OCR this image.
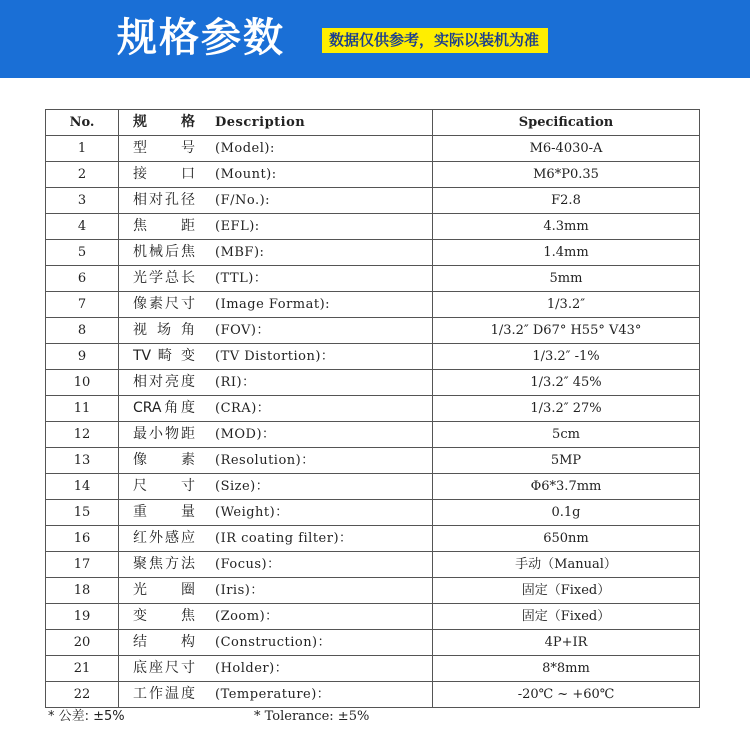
规格参数	数据仅供参考，实际以装机为准
No.	规 格 Description	Specification
1	型 号 (Model):	M6-4030-A
2	接 口 (Mount):	M6*P0.35
3	相对孔径 (F/No.):	F2.8
4	焦 距 (EFL):	4.3mm
5	机械后焦 (MBF):	1.4mm
6	光学总长 (TTL)：	5mm
7	像素尺寸 (Image Format):	1/3.2″
8	视 场 角 (FOV)：	1/3.2″ D67° H55° V43°
9	TV 畸 变 (TV Distortion)：	1/3.2″ -1%
10	相对亮度 (RI)：	1/3.2″ 45%
11	CRA角度 (CRA)：	1/3.2″ 27%
12	最小物距 (MOD)：	5cm
13	像 素 (Resolution)：	5MP
14	尺 寸 (Size)：	Φ6*3.7mm
15	重 量 (Weight)：	0.1g
16	红外感应 (IR coating filter)：	650nm
17	聚焦方法 (Focus)：	手动（Manual）
18	光 圈 (Iris)：	固定（Fixed）
19	变 焦 (Zoom)：	固定（Fixed）
20	结 构 (Construction)：	4P+IR
21	底座尺寸 (Holder)：	8*8mm
22	工作温度 (Temperature)：	-20℃ ~ +60℃
* 公差: ±5%	* Tolerance: ±5%
